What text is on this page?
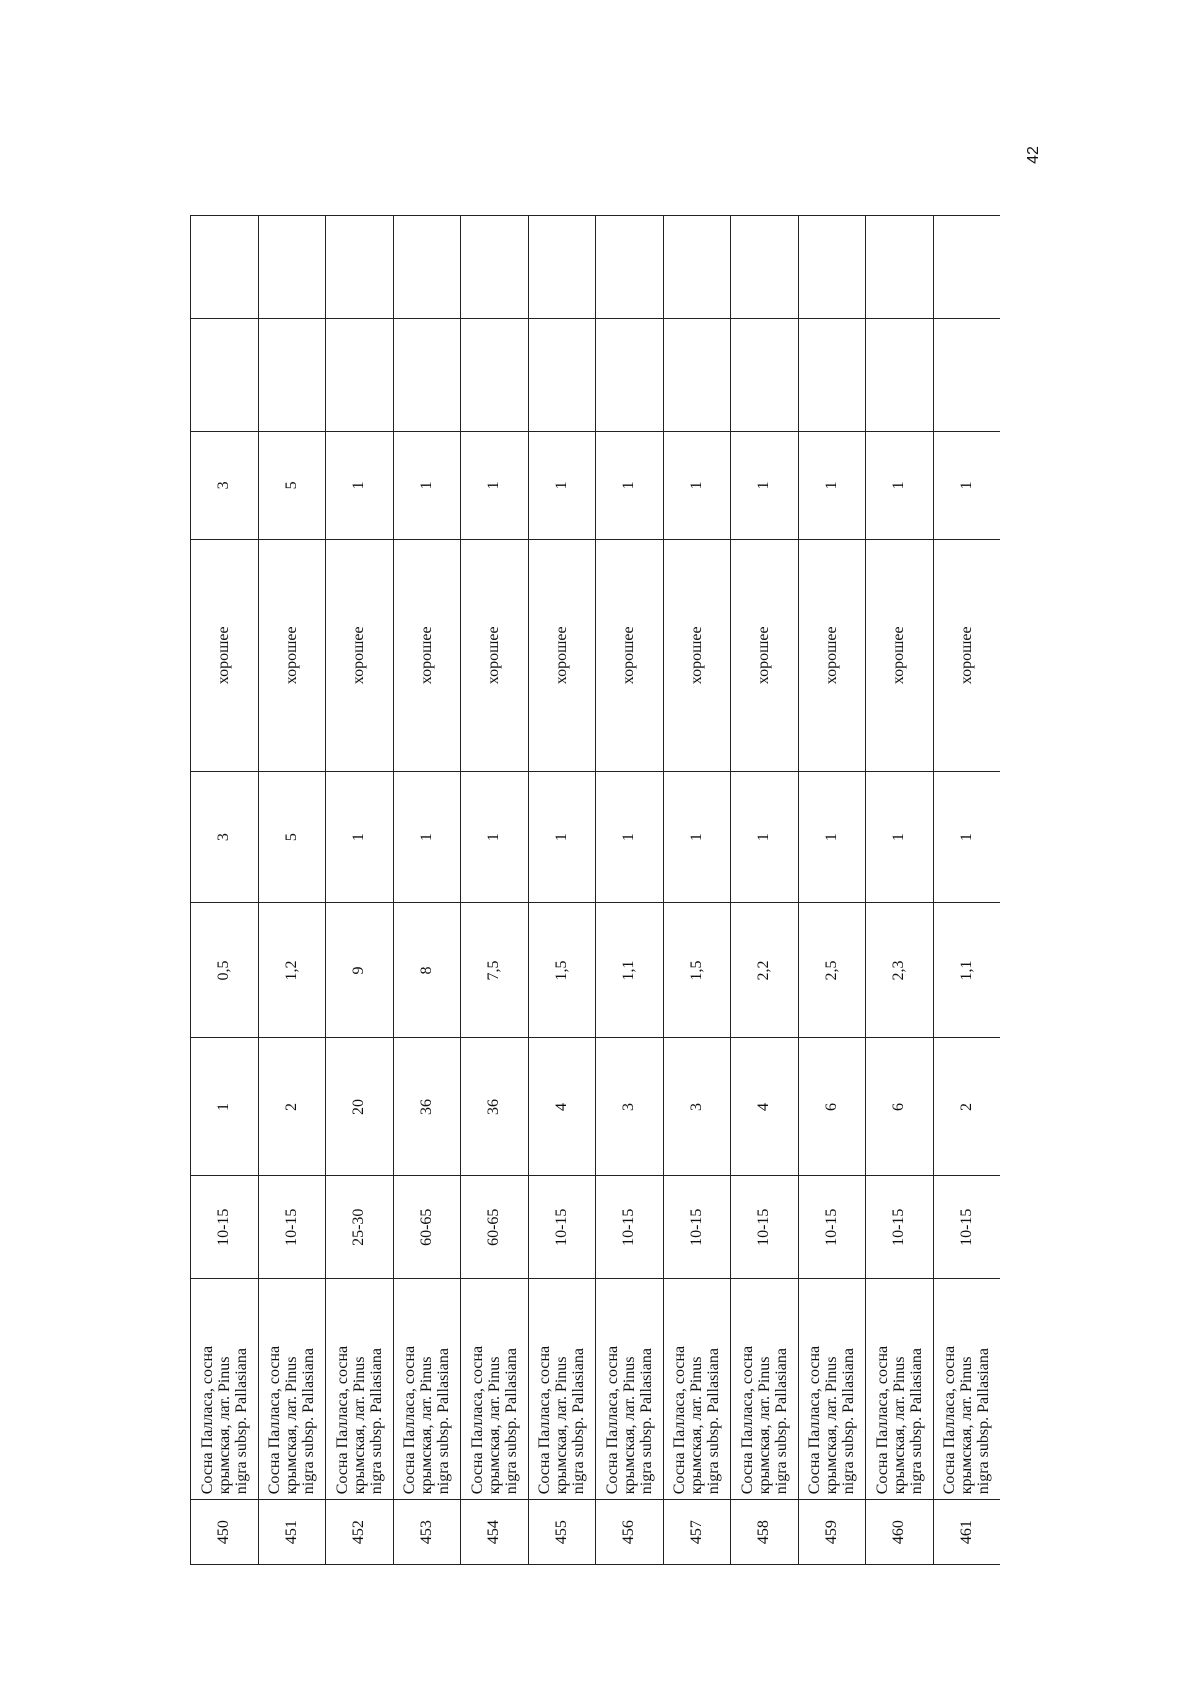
42
450	Сосна Палласа, сосна крымская, лат. Pinus nigra subsp. Pallasiana	10-15	1	0,5	3	хорошее	3		
451	Сосна Палласа, сосна крымская, лат. Pinus nigra subsp. Pallasiana	10-15	2	1,2	5	хорошее	5		
452	Сосна Палласа, сосна крымская, лат. Pinus nigra subsp. Pallasiana	25-30	20	9	1	хорошее	1		
453	Сосна Палласа, сосна крымская, лат. Pinus nigra subsp. Pallasiana	60-65	36	8	1	хорошее	1		
454	Сосна Палласа, сосна крымская, лат. Pinus nigra subsp. Pallasiana	60-65	36	7,5	1	хорошее	1		
455	Сосна Палласа, сосна крымская, лат. Pinus nigra subsp. Pallasiana	10-15	4	1,5	1	хорошее	1		
456	Сосна Палласа, сосна крымская, лат. Pinus nigra subsp. Pallasiana	10-15	3	1,1	1	хорошее	1		
457	Сосна Палласа, сосна крымская, лат. Pinus nigra subsp. Pallasiana	10-15	3	1,5	1	хорошее	1		
458	Сосна Палласа, сосна крымская, лат. Pinus nigra subsp. Pallasiana	10-15	4	2,2	1	хорошее	1		
459	Сосна Палласа, сосна крымская, лат. Pinus nigra subsp. Pallasiana	10-15	6	2,5	1	хорошее	1		
460	Сосна Палласа, сосна крымская, лат. Pinus nigra subsp. Pallasiana	10-15	6	2,3	1	хорошее	1		
461	Сосна Палласа, сосна крымская, лат. Pinus nigra subsp. Pallasiana	10-15	2	1,1	1	хорошее	1		
